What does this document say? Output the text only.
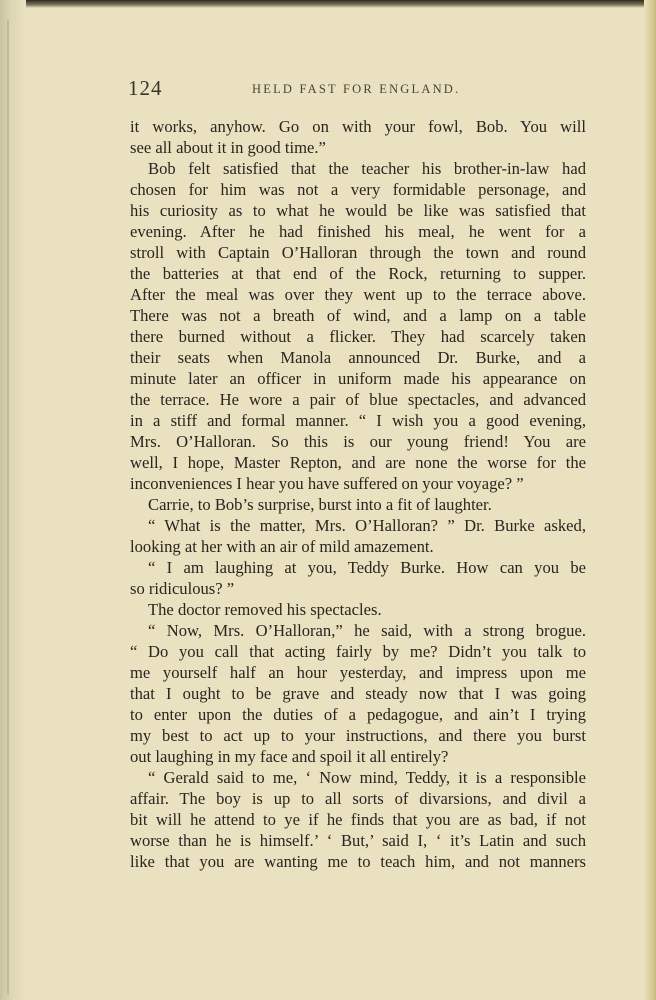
124	HELD FAST FOR ENGLAND.
it works, anyhow. Go on with your fowl, Bob. You will
see all about it in good time.”
Bob felt satisfied that the teacher his brother-in-law had
chosen for him was not a very formidable personage, and
his curiosity as to what he would be like was satisfied that
evening. After he had finished his meal, he went for a
stroll with Captain O’Halloran through the town and round
the batteries at that end of the Rock, returning to supper.
After the meal was over they went up to the terrace above.
There was not a breath of wind, and a lamp on a table
there burned without a flicker. They had scarcely taken
their seats when Manola announced Dr. Burke, and a
minute later an officer in uniform made his appearance on
the terrace. He wore a pair of blue spectacles, and advanced
in a stiff and formal manner. “ I wish you a good evening,
Mrs. O’Halloran. So this is our young friend! You are
well, I hope, Master Repton, and are none the worse for the
inconveniences I hear you have suffered on your voyage? ”
Carrie, to Bob’s surprise, burst into a fit of laughter.
“ What is the matter, Mrs. O’Halloran? ” Dr. Burke asked,
looking at her with an air of mild amazement.
“ I am laughing at you, Teddy Burke. How can you be
so ridiculous? ”
The doctor removed his spectacles.
“ Now, Mrs. O’Halloran,” he said, with a strong brogue.
“ Do you call that acting fairly by me? Didn’t you talk to
me yourself half an hour yesterday, and impress upon me
that I ought to be grave and steady now that I was going
to enter upon the duties of a pedagogue, and ain’t I trying
my best to act up to your instructions, and there you burst
out laughing in my face and spoil it all entirely?
“ Gerald said to me, ‘ Now mind, Teddy, it is a responsible
affair. The boy is up to all sorts of divarsions, and divil a
bit will he attend to ye if he finds that you are as bad, if not
worse than he is himself.’ ‘ But,’ said I, ‘ it’s Latin and such
like that you are wanting me to teach him, and not manners
